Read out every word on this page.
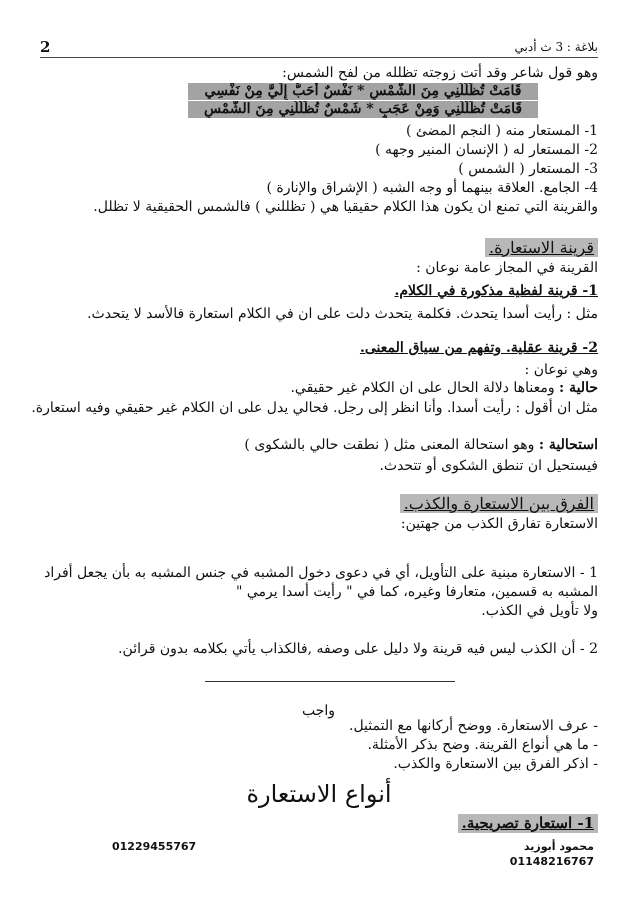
2	بلاغة : 3 ث أدبي
وهو قول شاعر وقد أتت زوجته تظلله من لفح الشمس:
قَامَتْ تُظَلِّلُنِي مِنَ الشَّمْسِ * نَفْسٌ أَحَبُّ إِلَيَّ مِنْ نَفْسِي
قَامَتْ تُظَلِّلُنِي وَمِنْ عَجَبٍ * شَمْسٌ تُظَلِّلُنِي مِنَ الشَّمْسِ
1- المستعار منه ( النجم المضئ )
2- المستعار له ( الإنسان المنير وجهه )
3- المستعار ( الشمس )
4- الجامع. العلاقة بينهما أو وجه الشبه ( الإشراق والإنارة )
والقرينة التي تمنع ان يكون هذا الكلام حقيقيا هي ( تظللني ) فالشمس الحقيقية لا تظلل.
قرينة الاستعارة.
القرينة في المجاز عامة نوعان :
1- قرينة لفظية مذكورة في الكلام.
مثل : رأيت أسدا يتحدث. فكلمة يتحدث دلت على ان في الكلام استعارة فالأسد لا يتحدث.
2- قرينة عقلية. وتفهم من سياق المعنى.
وهي نوعان :
حالية : ومعناها دلالة الحال على ان الكلام غير حقيقي.
مثل ان أقول : رأيت أسدا. وأنا انظر إلى رجل. فحالي يدل على ان الكلام غير حقيقي وفيه استعارة.
استحالية : وهو استحالة المعنى مثل ( نطقت حالي بالشكوى )
فيستحيل ان تنطق الشكوى أو تتحدث.
الفرق بين الاستعارة والكذب.
الاستعارة تفارق الكذب من جهتين:
1 - الاستعارة مبنية على التأويل، أي في دعوى دخول المشبه في جنس المشبه به بأن يجعل أفراد
المشبه به قسمين، متعارفا وغيره، كما في " رأيت أسدا يرمي "
ولا تأويل في الكذب.
2 - أن الكذب ليس فيه قرينة ولا دليل على وصفه ,فالكذاب يأتي بكلامه بدون قرائن.
واجب
- عرف الاستعارة. ووضح أركانها مع التمثيل.
- ما هي أنواع القرينة. وضح بذكر الأمثلة.
- اذكر الفرق بين الاستعارة والكذب.
أنواع الاستعارة
1- استعارة تصريحية.
محمود أبوزيد
01148216767
01229455767
